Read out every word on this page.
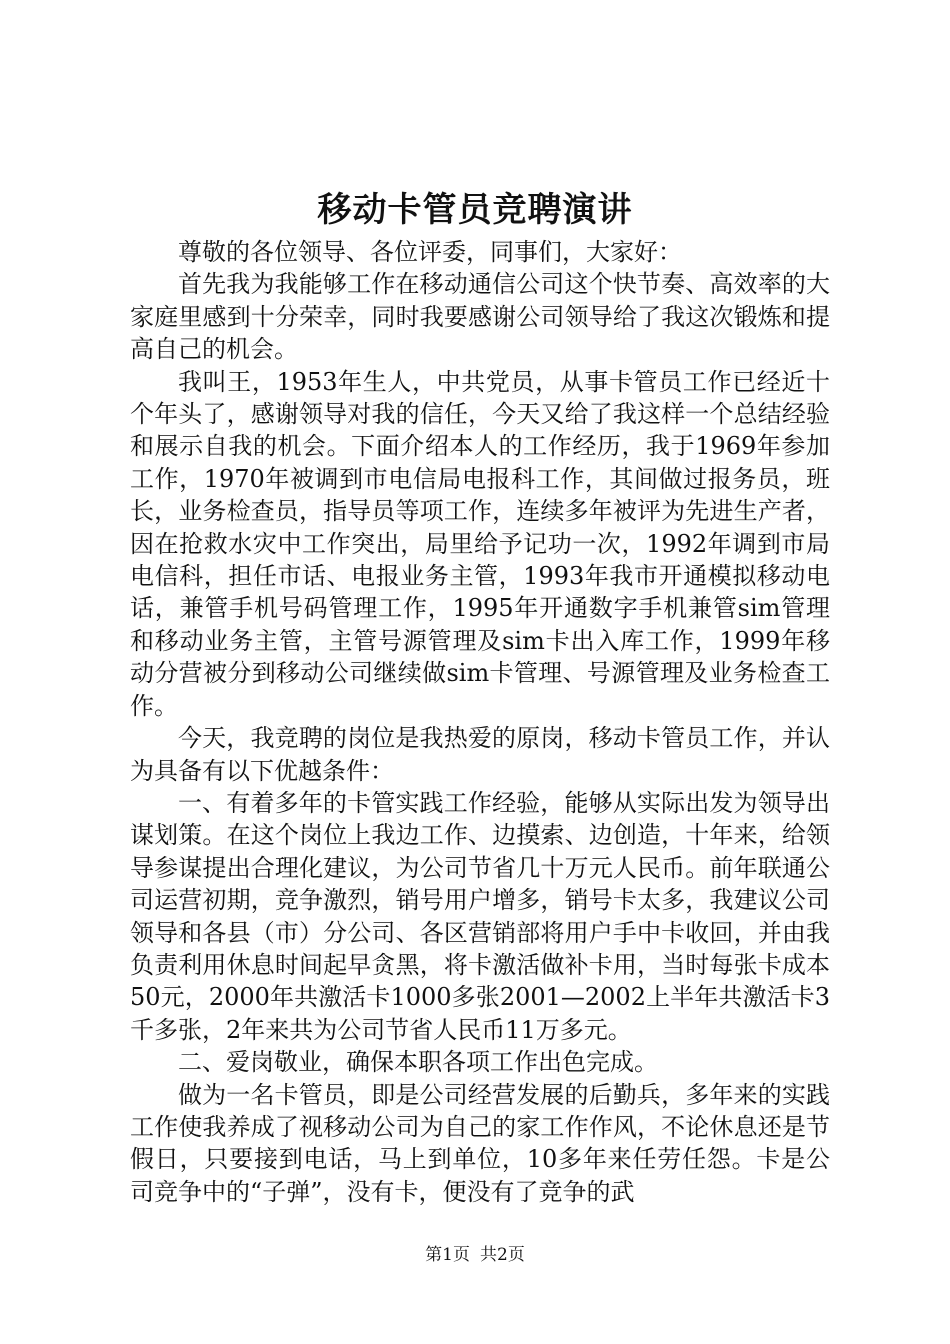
移动卡管员竞聘演讲

尊敬的各位领导、各位评委，同事们，大家好：

首先我为我能够工作在移动通信公司这个快节奏、高效率的大家庭里感到十分荣幸，同时我要感谢公司领导给了我这次锻炼和提高自己的机会。

我叫王，1953年生人，中共党员，从事卡管员工作已经近十个年头了，感谢领导对我的信任，今天又给了我这样一个总结经验和展示自我的机会。下面介绍本人的工作经历，我于1969年参加工作，1970年被调到市电信局电报科工作，其间做过报务员，班长，业务检查员，指导员等项工作，连续多年被评为先进生产者，因在抢救水灾中工作突出，局里给予记功一次，1992年调到市局电信科，担任市话、电报业务主管，1993年我市开通模拟移动电话，兼管手机号码管理工作，1995年开通数字手机兼管sim管理和移动业务主管，主管号源管理及sim卡出入库工作，1999年移动分营被分到移动公司继续做sim卡管理、号源管理及业务检查工作。

今天，我竞聘的岗位是我热爱的原岗，移动卡管员工作，并认为具备有以下优越条件：

一、有着多年的卡管实践工作经验，能够从实际出发为领导出谋划策。在这个岗位上我边工作、边摸索、边创造，十年来，给领导参谋提出合理化建议，为公司节省几十万元人民币。前年联通公司运营初期，竞争激烈，销号用户增多，销号卡太多，我建议公司领导和各县（市）分公司、各区营销部将用户手中卡收回，并由我负责利用休息时间起早贪黑，将卡激活做补卡用，当时每张卡成本50元，2000年共激活卡1000多张2001—2002上半年共激活卡3千多张，2年来共为公司节省人民币11万多元。

二、爱岗敬业，确保本职各项工作出色完成。

做为一名卡管员，即是公司经营发展的后勤兵，多年来的实践工作使我养成了视移动公司为自己的家工作作风，不论休息还是节假日，只要接到电话，马上到单位，10多年来任劳任怨。卡是公司竞争中的“子弹”，没有卡，便没有了竞争的武

第1页 共2页
